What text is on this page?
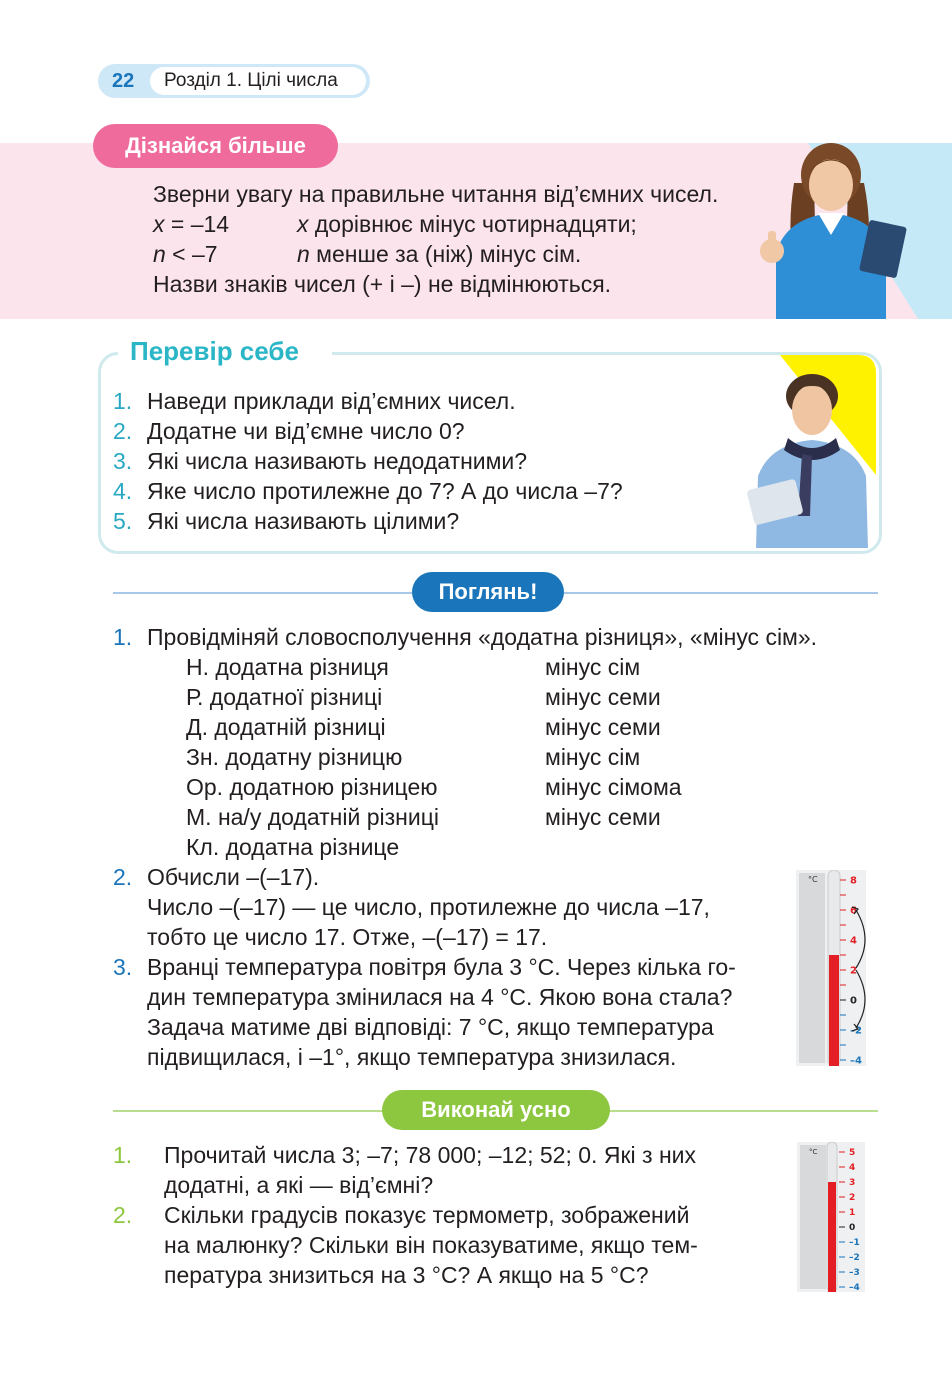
22	Розділ 1. Цілі числа
Дізнайся більше
Зверни увагу на правильне читання від’ємних чисел.
x = –14	x дорівнює мінус чотирнадцяти;
n < –7	n менше за (ніж) мінус сім.
Назви знаків чисел (+ і –) не відмінюються.
Перевір себе
1. Наведи приклади від’ємних чисел.
2. Додатне чи від’ємне число 0?
3. Які числа називають недодатними?
4. Яке число протилежне до 7? А до числа –7?
5. Які числа називають цілими?
Поглянь!
1. Провідміняй словосполучення «додатна різниця», «мінус сім».
Н. додатна різниця	мінус сім
Р. додатної різниці	мінус семи
Д. додатній різниці	мінус семи
Зн. додатну різницю	мінус сім
Ор. додатною різницею	мінус сімома
М. на/у додатній різниці	мінус семи
Кл. додатна різнице
2. Обчисли –(–17).
Число –(–17) — це число, протилежне до числа –17,
тобто це число 17. Отже, –(–17) = 17.
3. Вранці температура повітря була 3 °С. Через кілька го-
дин температура змінилася на 4 °С. Якою вона стала?
Задача матиме дві відповіді: 7 °С, якщо температура
підвищилася, і –1°, якщо температура знизилася.
°C	8
6
4
2
0
–2
–4
Виконай усно
1. Прочитай числа 3; –7; 78 000; –12; 52; 0. Які з них
додатні, а які — від’ємні?
2. Скільки градусів показує термометр, зображений
на малюнку? Скільки він показуватиме, якщо тем-
пература знизиться на 3 °С? А якщо на 5 °С?
°C	5
4
3
2
1
0
–1
–2
–3
–4
